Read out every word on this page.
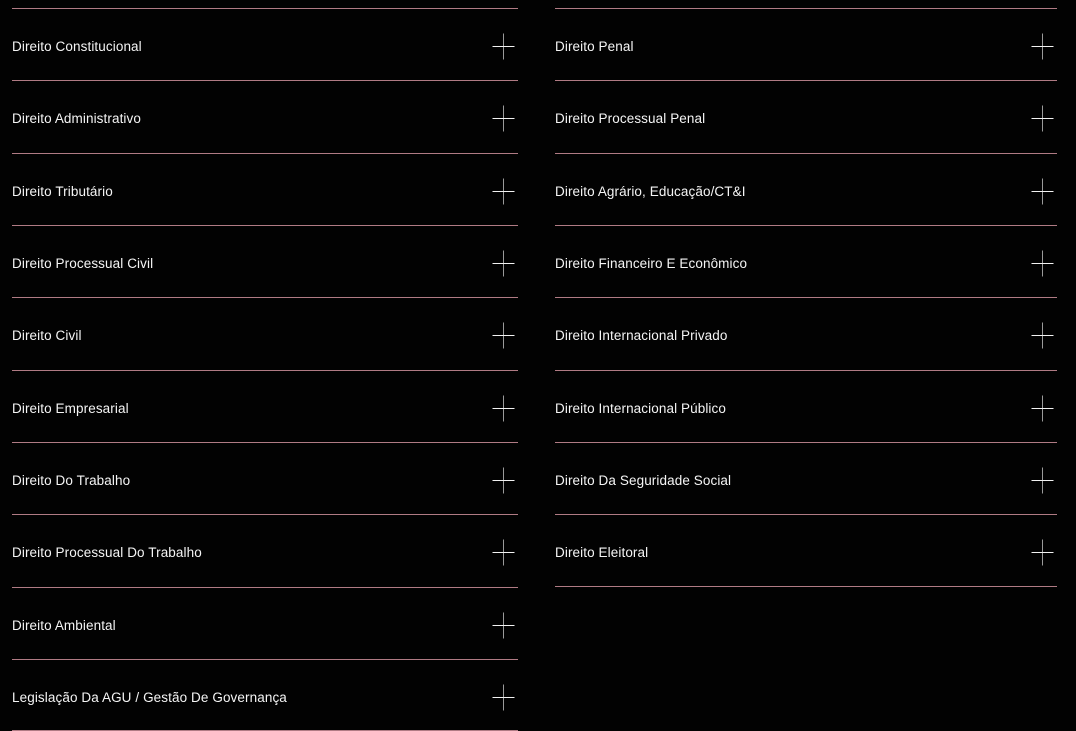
Direito Constitucional
Direito Administrativo
Direito Tributário
Direito Processual Civil
Direito Civil
Direito Empresarial
Direito Do Trabalho
Direito Processual Do Trabalho
Direito Ambiental
Legislação Da AGU / Gestão De Governança
Direito Penal
Direito Processual Penal
Direito Agrário, Educação/CT&I
Direito Financeiro E Econômico
Direito Internacional Privado
Direito Internacional Público
Direito Da Seguridade Social
Direito Eleitoral
